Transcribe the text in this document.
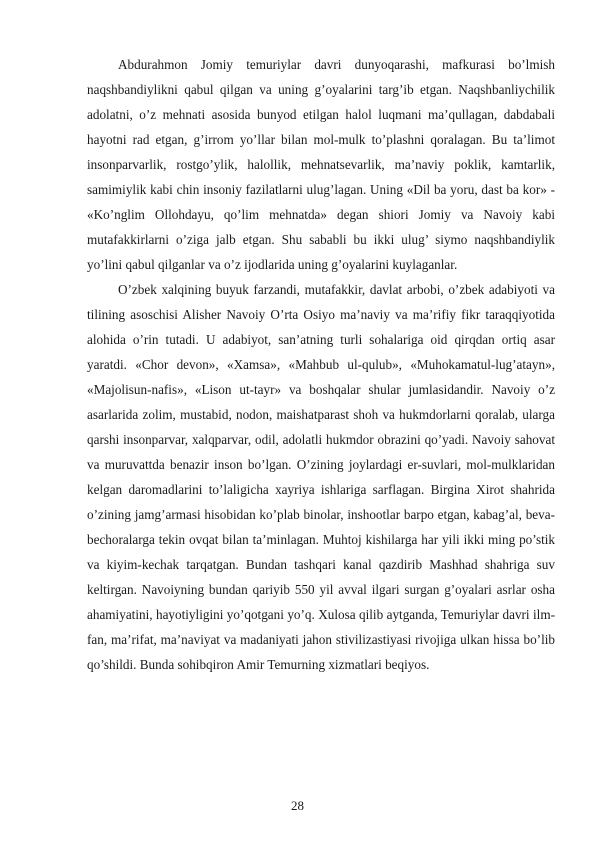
Abdurahmon Jomiy temuriylar davri dunyoqarashi, mafkurasi bo’lmish naqshbandiylikni qabul qilgan va uning g’oyalarini targ’ib etgan. Naqshbanliychilik adolatni, o’z mehnati asosida bunyod etilgan halol luqmani ma’qullagan, dabdabali hayotni rad etgan, g’irrom yo’llar bilan mol-mulk to’plashni qoralagan. Bu ta’limot insonparvarlik, rostgo’ylik, halollik, mehnatsevarlik, ma’naviy poklik, kamtarlik, samimiylik kabi chin insoniy fazilatlarni ulug’lagan. Uning «Dil ba yoru, dast ba kor» - «Ko’nglim Ollohdayu, qo’lim mehnatda» degan shiori Jomiy va Navoiy kabi mutafakkirlarni o’ziga jalb etgan. Shu sababli bu ikki ulug’ siymo naqshbandiylik yo’lini qabul qilganlar va o’z ijodlarida uning g’oyalarini kuylaganlar.

O’zbek xalqining buyuk farzandi, mutafakkir, davlat arbobi, o’zbek adabiyoti va tilining asoschisi Alisher Navoiy O’rta Osiyo ma’naviy va ma’rifiy fikr taraqqiyotida alohida o’rin tutadi. U adabiyot, san’atning turli sohalariga oid qirqdan ortiq asar yaratdi. «Chor devon», «Xamsa», «Mahbub ul-qulub», «Muhokamatul-lug’atayn», «Majolisun-nafis», «Lison ut-tayr» va boshqalar shular jumlasidandir. Navoiy o’z asarlarida zolim, mustabid, nodon, maishatparast shoh va hukmdorlarni qoralab, ularga qarshi insonparvar, xalqparvar, odil, adolatli hukmdor obrazini qo’yadi. Navoiy sahovat va muruvattda benazir inson bo’lgan. O’zining joylardagi er-suvlari, mol-mulklaridan kelgan daromadlarini to’laligicha xayriya ishlariga sarflagan. Birgina Xirot shahrida o’zining jamg’armasi hisobidan ko’plab binolar, inshootlar barpo etgan, kabag’al, beva-bechoralarga tekin ovqat bilan ta’minlagan. Muhtoj kishilarga har yili ikki ming po’stik va kiyim-kechak tarqatgan. Bundan tashqari kanal qazdirib Mashhad shahriga suv keltirgan. Navoiyning bundan qariyib 550 yil avval ilgari surgan g’oyalari asrlar osha ahamiyatini, hayotiyligini yo’qotgani yo’q. Xulosa qilib aytganda, Temuriylar davri ilm-fan, ma’rifat, ma’naviyat va madaniyati jahon stivilizastiyasi rivojiga ulkan hissa bo’lib qo’shildi. Bunda sohibqiron Amir Temurning xizmatlari beqiyos.

28
